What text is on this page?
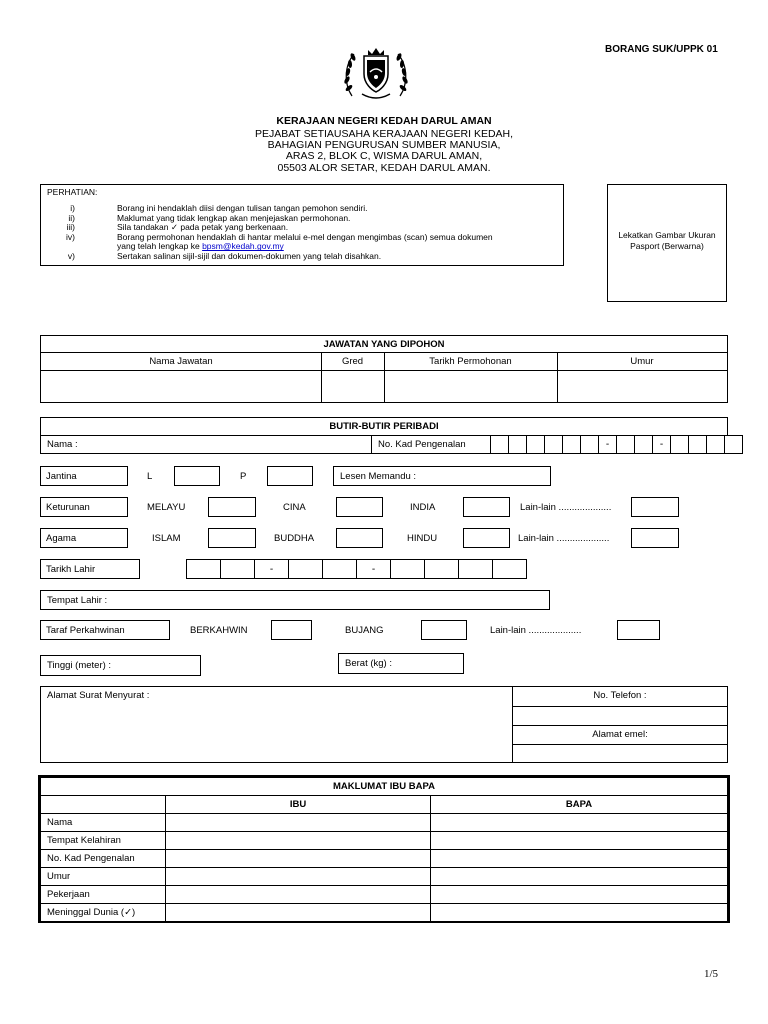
BORANG SUK/UPPK 01
KERAJAAN NEGERI KEDAH DARUL AMAN
PEJABAT SETIAUSAHA KERAJAAN NEGERI KEDAH,
BAHAGIAN PENGURUSAN SUMBER MANUSIA,
ARAS 2, BLOK C, WISMA DARUL AMAN,
05503 ALOR SETAR, KEDAH DARUL AMAN.
PERHATIAN:
i)		Borang ini hendaklah diisi dengan tulisan tangan pemohon sendiri.
ii)		Maklumat yang tidak lengkap akan menjejaskan permohonan.
iii)		Sila tandakan ✓ pada petak yang berkenaan.
iv)		Borang permohonan hendaklah di hantar melalui e-mel dengan mengimbas (scan) semua dokumen
yang telah lengkap ke bpsm@kedah.gov.my
v)		Sertakan salinan sijil-sijil dan dokumen-dokumen yang telah disahkan.
Lekatkan Gambar Ukuran
Pasport (Berwarna)
JAWATAN YANG DIPOHON
Nama Jawatan	Gred	Tarikh Permohonan	Umur
BUTIR-BUTIR PERIBADI
Nama :	No. Kad Pengenalan
							-			-				
Jantina	L	P	Lesen Memandu :
Keturunan	MELAYU	CINA	INDIA	Lain-lain ....................
Agama	ISLAM	BUDDHA	HINDU	Lain-lain ....................
Tarikh Lahir
			-			-				
Tempat Lahir :
Taraf Perkahwinan	BERKAHWIN	BUJANG	Lain-lain ....................
Tinggi (meter) :	Berat (kg) :
Alamat Surat Menyurat :	No. Telefon :
Alamat emel:
MAKLUMAT IBU BAPA		
	IBU	BAPA
Nama		
Tempat Kelahiran		
No. Kad Pengenalan		
Umur		
Pekerjaan		
Meninggal Dunia (✓)		
1/5
